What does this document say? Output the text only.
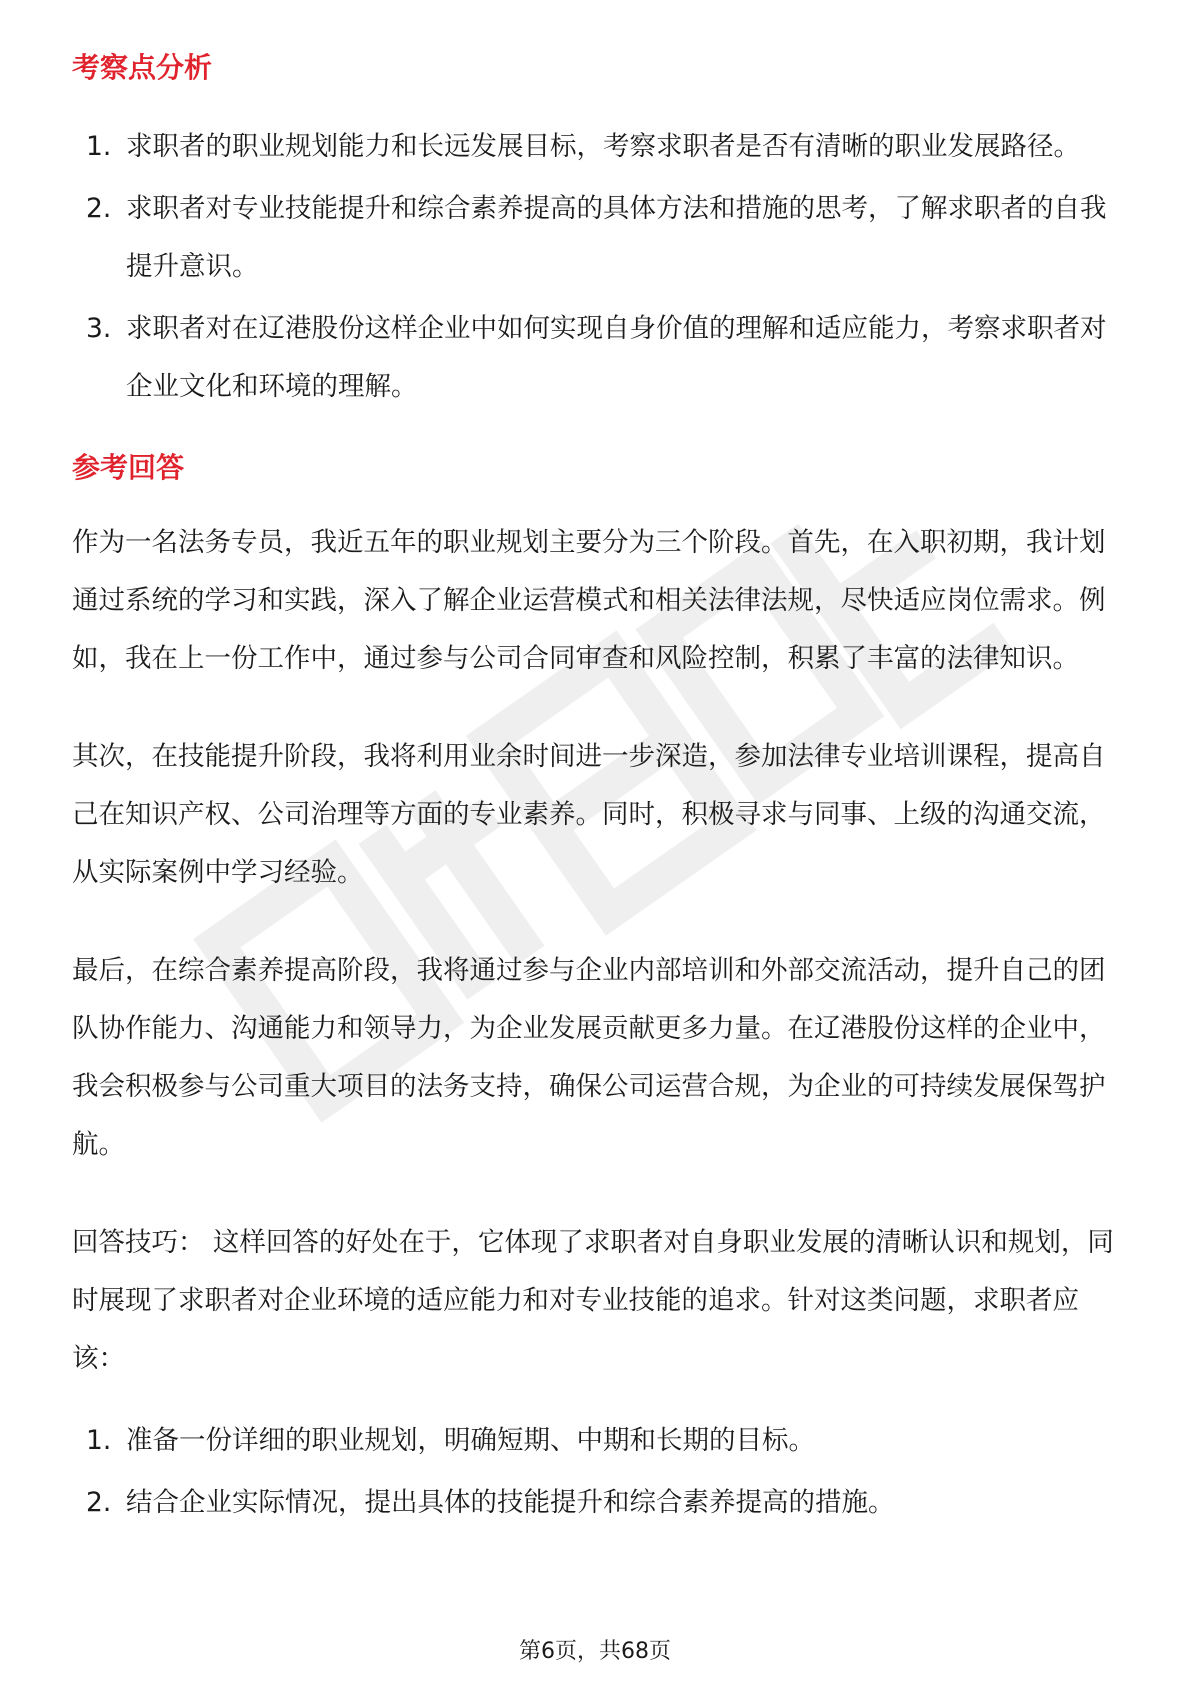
考察点分析
1. 求职者的职业规划能力和长远发展目标，考察求职者是否有清晰的职业发展路径。
2. 求职者对专业技能提升和综合素养提高的具体方法和措施的思考，了解求职者的自我提升意识。
3. 求职者对在辽港股份这样企业中如何实现自身价值的理解和适应能力，考察求职者对企业文化和环境的理解。
参考回答

作为一名法务专员，我近五年的职业规划主要分为三个阶段。首先，在入职初期，我计划通过系统的学习和实践，深入了解企业运营模式和相关法律法规，尽快适应岗位需求。例如，我在上一份工作中，通过参与公司合同审查和风险控制，积累了丰富的法律知识。

其次，在技能提升阶段，我将利用业余时间进一步深造，参加法律专业培训课程，提高自己在知识产权、公司治理等方面的专业素养。同时，积极寻求与同事、上级的沟通交流，从实际案例中学习经验。

最后，在综合素养提高阶段，我将通过参与企业内部培训和外部交流活动，提升自己的团队协作能力、沟通能力和领导力，为企业发展贡献更多力量。在辽港股份这样的企业中，我会积极参与公司重大项目的法务支持，确保公司运营合规，为企业的可持续发展保驾护航。

回答技巧： 这样回答的好处在于，它体现了求职者对自身职业发展的清晰认识和规划，同时展现了求职者对企业环境的适应能力和对专业技能的追求。针对这类问题，求职者应该：

1. 准备一份详细的职业规划，明确短期、中期和长期的目标。
2. 结合企业实际情况，提出具体的技能提升和综合素养提高的措施。
第6页，共68页
